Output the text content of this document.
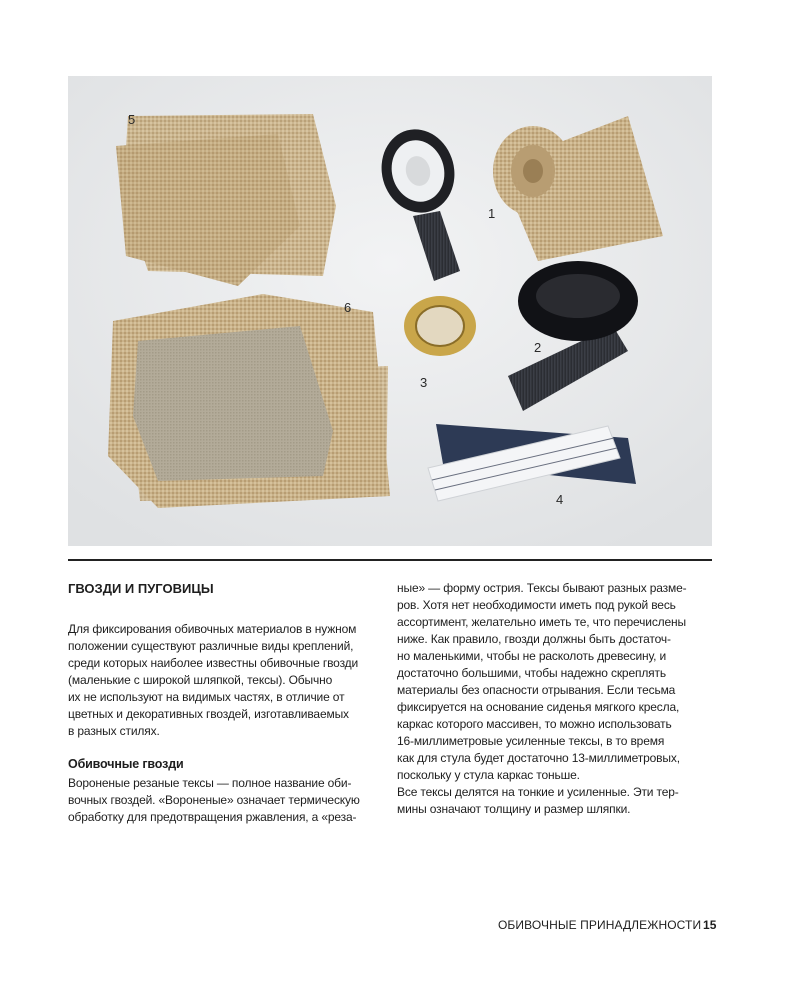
5
1
6
2
3
4
ГВОЗДИ И ПУГОВИЦЫ

Для фиксирования обивочных материалов в нужном
положении существуют различные виды креплений,
среди которых наиболее известны обивочные гвозди
(маленькие с широкой шляпкой, тексы). Обычно
их не используют на видимых частях, в отличие от
цветных и декоративных гвоздей, изготавливаемых
в разных стилях.

Обивочные гвозди

Вороненые резаные тексы — полное название оби-
вочных гвоздей. «Вороненые» означает термическую
обработку для предотвращения ржавления, а «реза-

ные» — форму острия. Тексы бывают разных разме-
ров. Хотя нет необходимости иметь под рукой весь
ассортимент, желательно иметь те, что перечислены
ниже. Как правило, гвозди должны быть достаточ-
но маленькими, чтобы не расколоть древесину, и
достаточно большими, чтобы надежно скреплять
материалы без опасности отрывания. Если тесьма
фиксируется на основание сиденья мягкого кресла,
каркас которого массивен, то можно использовать
16-миллиметровые усиленные тексы, в то время
как для стула будет достаточно 13-миллиметровых,
поскольку у стула каркас тоньше.
Все тексы делятся на тонкие и усиленные. Эти тер-
мины означают толщину и размер шляпки.

ОБИВОЧНЫЕ ПРИНАДЛЕЖНОСТИ 15
